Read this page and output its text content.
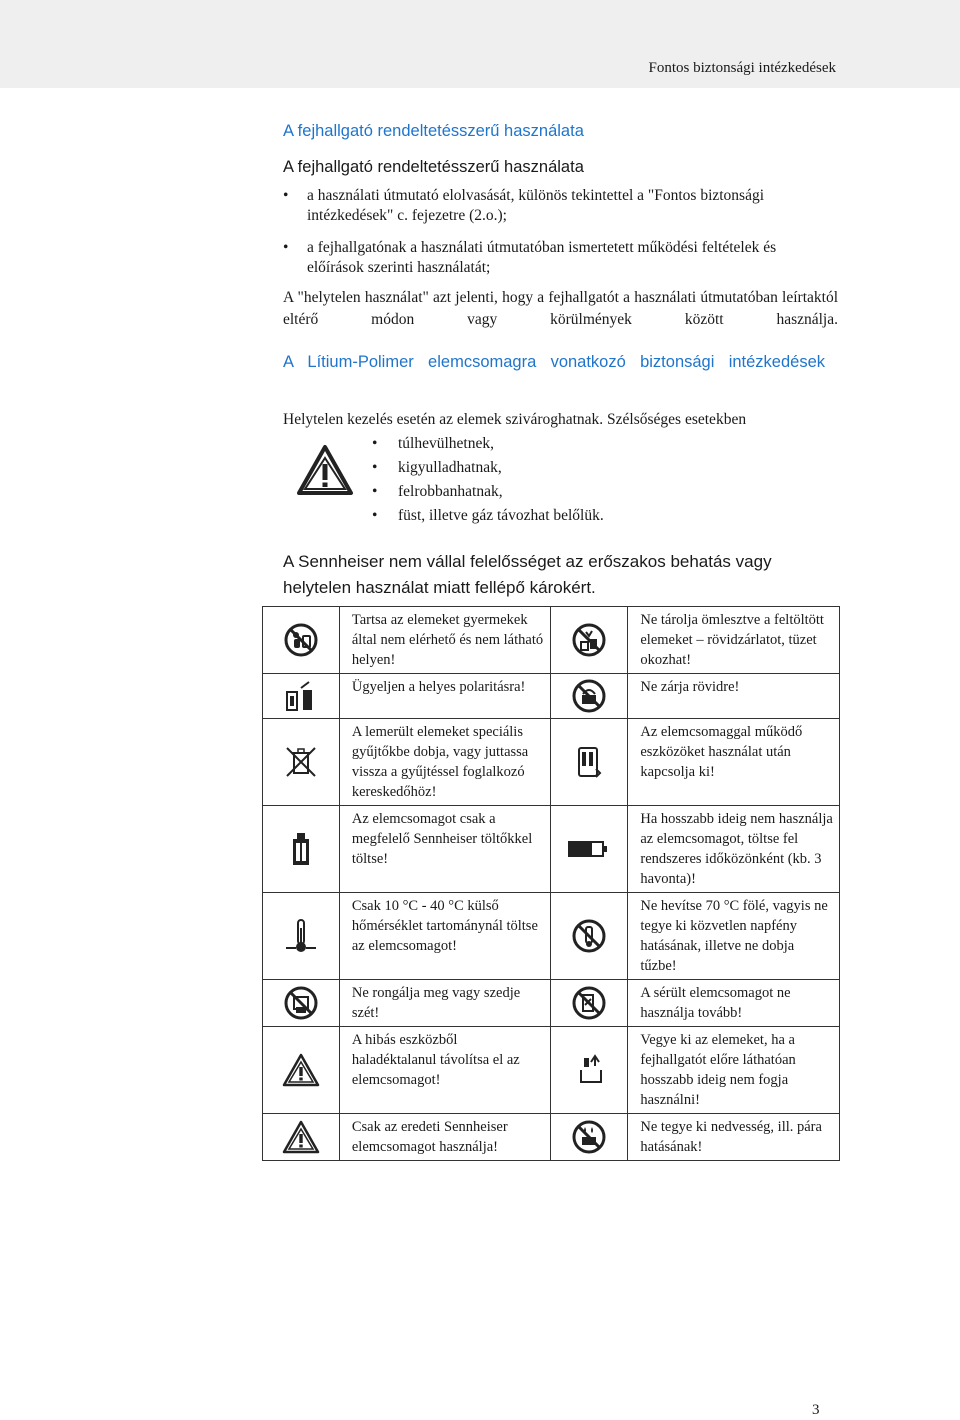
Fontos biztonsági intézkedések
A fejhallgató rendeltetésszerű használata
A fejhallgató rendeltetésszerű használata
• a használati útmutató elolvasását, különös tekintettel a "Fontos biztonsági intézkedések" c. fejezetre (2.o.);
• a fejhallgatónak a használati útmutatóban ismertetett működési feltételek és előírások szerinti használatát;
A "helytelen használat" azt jelenti, hogy a fejhallgatót a használati útmutatóban leírtaktól eltérő módon vagy körülmények között használja.
A Lítium-Polimer elemcsomagra vonatkozó biztonsági intézkedések
Helytelen kezelés esetén az elemek szivároghatnak. Szélsőséges esetekben
• túlhevülhetnek,
• kigyulladhatnak,
• felrobbanhatnak,
• füst, illetve gáz távozhat belőlük.
A Sennheiser nem vállal felelősséget az erőszakos behatás vagy helytelen használat miatt fellépő károkért.
	Tartsa az elemeket gyermekek által nem elérhető és nem látható helyen!		Ne tárolja ömlesztve a feltöltött elemeket – rövidzárlatot, tüzet okozhat!

	Ügyeljen a helyes polaritásra!		Ne zárja rövidre!

	A lemerült elemeket speciális gyűjtőkbe dobja, vagy juttassa vissza a gyűjtéssel foglalkozó kereskedőhöz!		Az elemcsomaggal működő eszközöket használat után kapcsolja ki!

	Az elemcsomagot csak a megfelelő Sennheiser töltőkkel töltse!		Ha hosszabb ideig nem használja az elemcsomagot, töltse fel rendszeres időközönként (kb. 3 havonta)!

	Csak 10 °C - 40 °C külső hőmérséklet tartománynál töltse az elemcsomagot!		Ne hevítse 70 °C fölé, vagyis ne tegye ki közvetlen napfény hatásának, illetve ne dobja tűzbe!

	Ne rongálja meg vagy szedje szét!		A sérült elemcsomagot ne használja tovább!

	A hibás eszközből haladéktalanul távolítsa el az elemcsomagot!		Vegye ki az elemeket, ha a fejhallgatót előre láthatóan hosszabb ideig nem fogja használni!

	Csak az eredeti Sennheiser elemcsomagot használja!		Ne tegye ki nedvesség, ill. pára hatásának!
3
